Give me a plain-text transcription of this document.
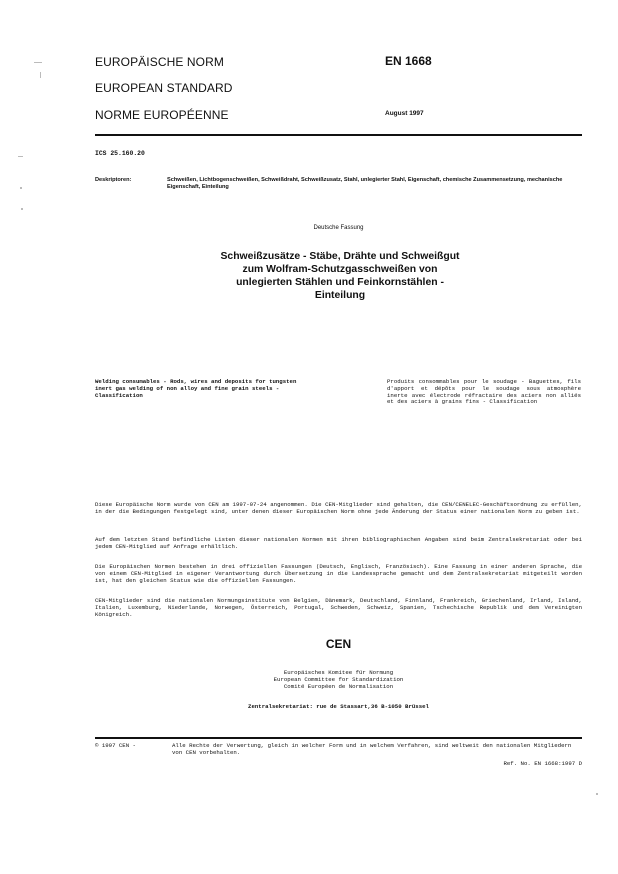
EUROPÄISCHE NORM
EUROPEAN STANDARD
NORME EUROPÉENNE
EN 1668
August 1997
ICS 25.160.20
Deskriptoren:	Schweißen, Lichtbogenschweißen, Schweißdraht, Schweißzusatz, Stahl, unlegierter Stahl, Eigenschaft, chemische Zusammensetzung, mechanische Eigenschaft, Einteilung
Deutsche Fassung
Schweißzusätze - Stäbe, Drähte und Schweißgut
zum Wolfram-Schutzgasschweißen von
unlegierten Stählen und Feinkornstählen -
Einteilung
Welding consumables - Rods, wires and deposits for tungsten inert gas welding of non alloy and fine grain steels - Classification
Produits consommables pour le soudage - Baguettes, fils d'apport et dépôts pour le soudage sous atmosphère inerte avec électrode réfractaire des aciers non alliés et des aciers à grains fins - Classification
Diese Europäische Norm wurde von CEN am 1997-07-24 angenommen. Die CEN-Mitglieder sind gehalten, die CEN/CENELEC-Geschäftsordnung zu erfüllen, in der die Bedingungen festgelegt sind, unter denen dieser Europäischen Norm ohne jede Änderung der Status einer nationalen Norm zu geben ist.
Auf dem letzten Stand befindliche Listen dieser nationalen Normen mit ihren bibliographischen Angaben sind beim Zentralsekretariat oder bei jedem CEN-Mitglied auf Anfrage erhältlich.
Die Europäischen Normen bestehen in drei offiziellen Fassungen (Deutsch, Englisch, Französisch). Eine Fassung in einer anderen Sprache, die von einem CEN-Mitglied in eigener Verantwortung durch Übersetzung in die Landessprache gemacht und dem Zentralsekretariat mitgeteilt worden ist, hat den gleichen Status wie die offiziellen Fassungen.
CEN-Mitglieder sind die nationalen Normungsinstitute von Belgien, Dänemark, Deutschland, Finnland, Frankreich, Griechenland, Irland, Island, Italien, Luxemburg, Niederlande, Norwegen, Österreich, Portugal, Schweden, Schweiz, Spanien, Tschechische Republik und dem Vereinigten Königreich.
CEN
Europäisches Komitee für Normung
European Committee for Standardization
Comité Européen de Normalisation
Zentralsekretariat: rue de Stassart,36 B-1050 Brüssel
© 1997 CEN -	Alle Rechte der Verwertung, gleich in welcher Form und in welchem Verfahren, sind weltweit den nationalen Mitgliedern von CEN vorbehalten.
Ref. No. EN 1668:1997 D
